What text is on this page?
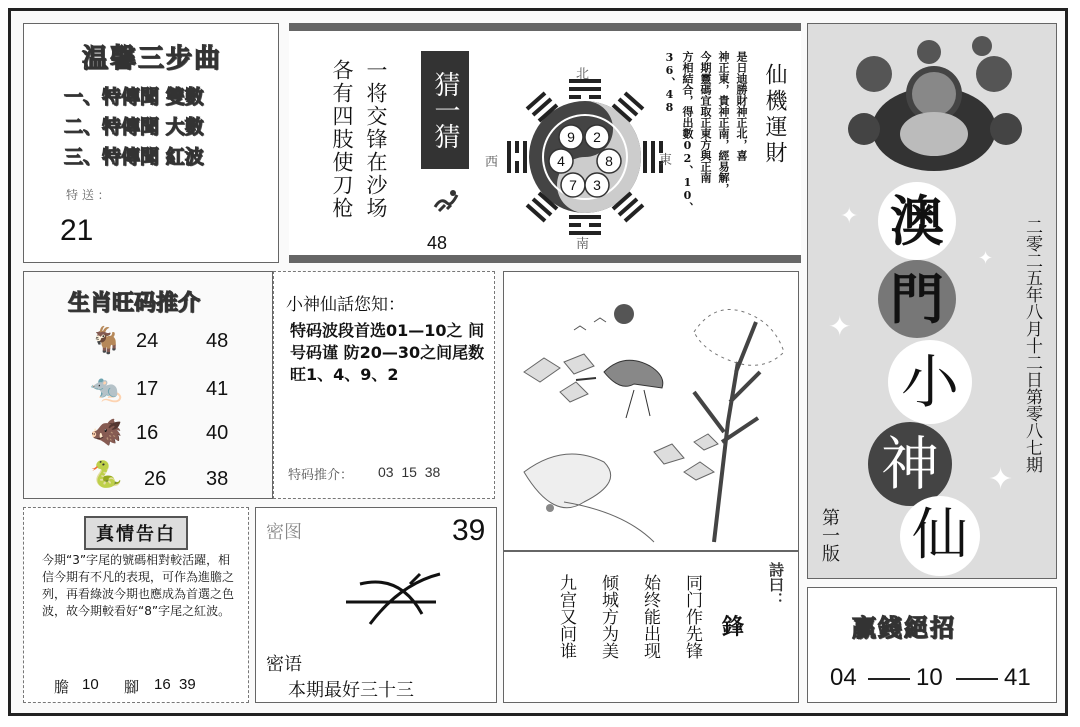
温馨三步曲
一、特傳聞 雙數
二、特傳聞 大數
三、特傳聞 紅波
特 送 ：
21
一将交锋在沙场
各有四肢使刀枪	猜一猜
48
9 2
4	8
7 3
北
南
西	東
36、48 方相結合，得出數02、10、 今期靈碼宜取正東方與正南 神正東，貴神正南，經易解， 是日迪勝財神正北，喜 仙機運財
澳
門
小
神
仙
二零二五年八月十二日第零八七期
第一版
✦
✦
✦
✦
生肖旺码推介
🐐 24 48
🐀 17 41
🐗 16 40
🐍 26 38
小神仙話您知：
特码波段首选01—10之 间号码谨 防20—30之间尾数 旺1、4、9、2
特码推介： 03  15  38
真情告白
今期“3”字尾的號碼相對較活躍，相信今期有不凡的表現，可作為進膽之列，再看綠波今期也應成為首選之色波，故今期較看好“8”字尾之紅波。
膽 10 腳 16  39
密图	39
密语
本期最好三十三
九宫又问谁 倾城方为美 始终能出现 同门作先锋 鋒
詩曰：
贏錢絕招
04 10	41
